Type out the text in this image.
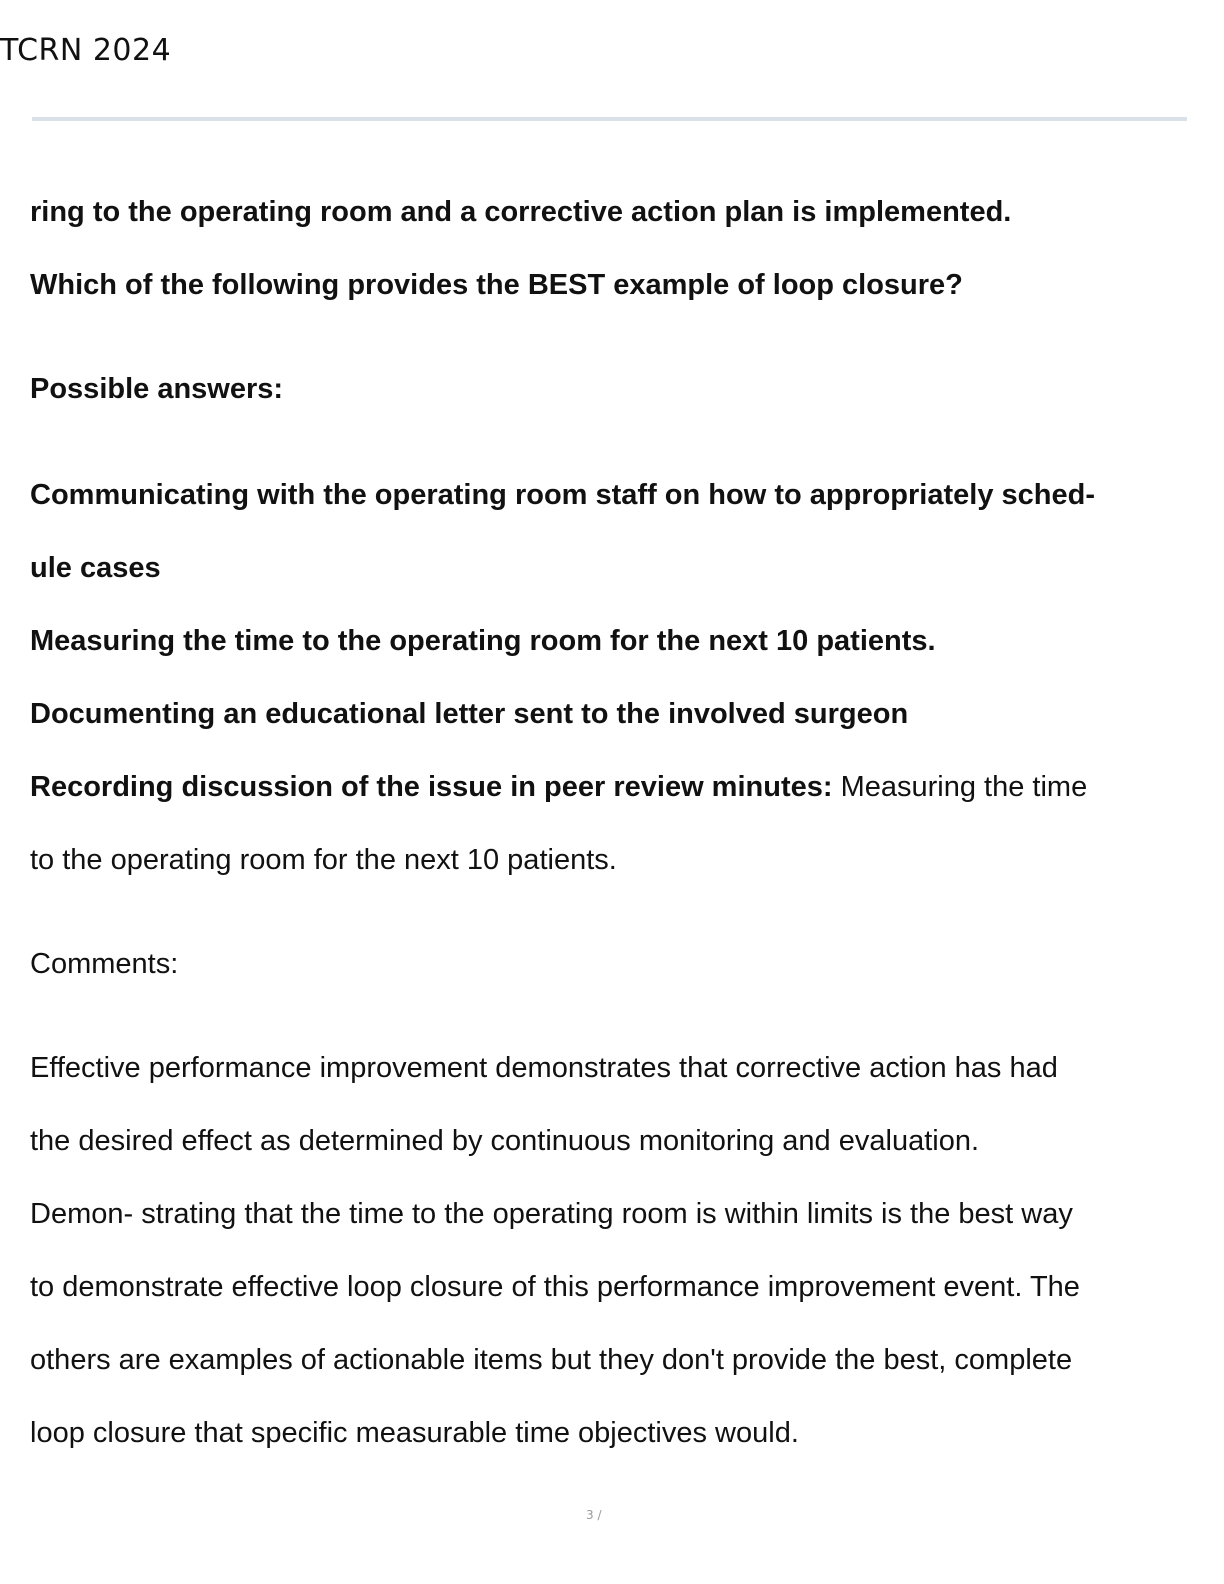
TCRN 2024

ring to the operating room and a corrective action plan is implemented.

Which of the following provides the BEST example of loop closure?

Possible answers:

Communicating with the operating room staff on how to appropriately sched-

ule cases

Measuring the time to the operating room for the next 10 patients.

Documenting an educational letter sent to the involved surgeon

Recording discussion of the issue in peer review minutes: Measuring the time

to the operating room for the next 10 patients.

Comments:

Effective performance improvement demonstrates that corrective action has had

the desired effect as determined by continuous monitoring and evaluation.

Demon- strating that the time to the operating room is within limits is the best way

to demonstrate effective loop closure of this performance improvement event. The

others are examples of actionable items but they don't provide the best, complete

loop closure that specific measurable time objectives would.

3 /
